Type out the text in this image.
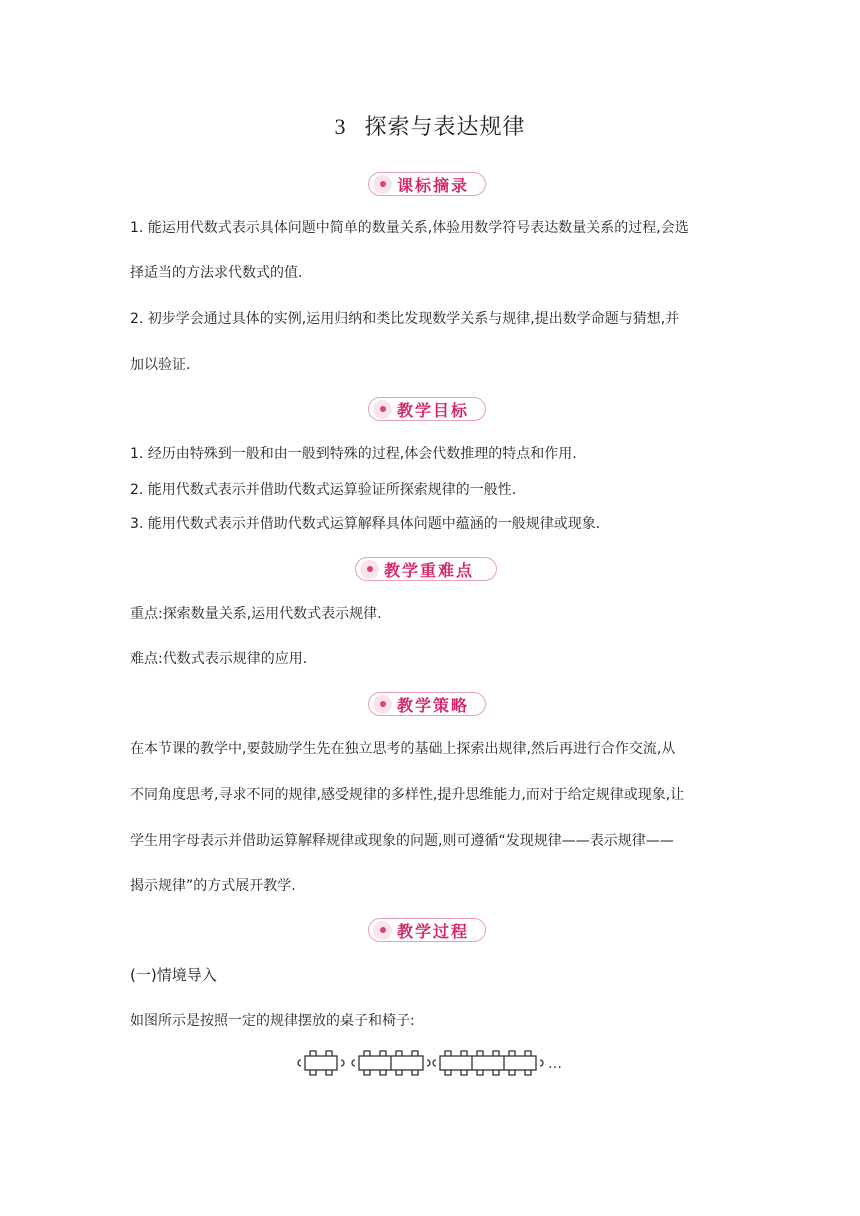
3 探索与表达规律
课标摘录
1. 能运用代数式表示具体问题中简单的数量关系,体验用数学符号表达数量关系的过程,会选
择适当的方法求代数式的值.
2. 初步学会通过具体的实例,运用归纳和类比发现数学关系与规律,提出数学命题与猜想,并
加以验证.
教学目标
1. 经历由特殊到一般和由一般到特殊的过程,体会代数推理的特点和作用.
2. 能用代数式表示并借助代数式运算验证所探索规律的一般性.
3. 能用代数式表示并借助代数式运算解释具体问题中蕴涵的一般规律或现象.
教学重难点
重点:探索数量关系,运用代数式表示规律.
难点:代数式表示规律的应用.
教学策略
在本节课的教学中,要鼓励学生先在独立思考的基础上探索出规律,然后再进行合作交流,从
不同角度思考,寻求不同的规律,感受规律的多样性,提升思维能力,而对于给定规律或现象,让
学生用字母表示并借助运算解释规律或现象的问题,则可遵循“发现规律——表示规律——
揭示规律”的方式展开教学.
教学过程
(一)情境导入
如图所示是按照一定的规律摆放的桌子和椅子:
…
